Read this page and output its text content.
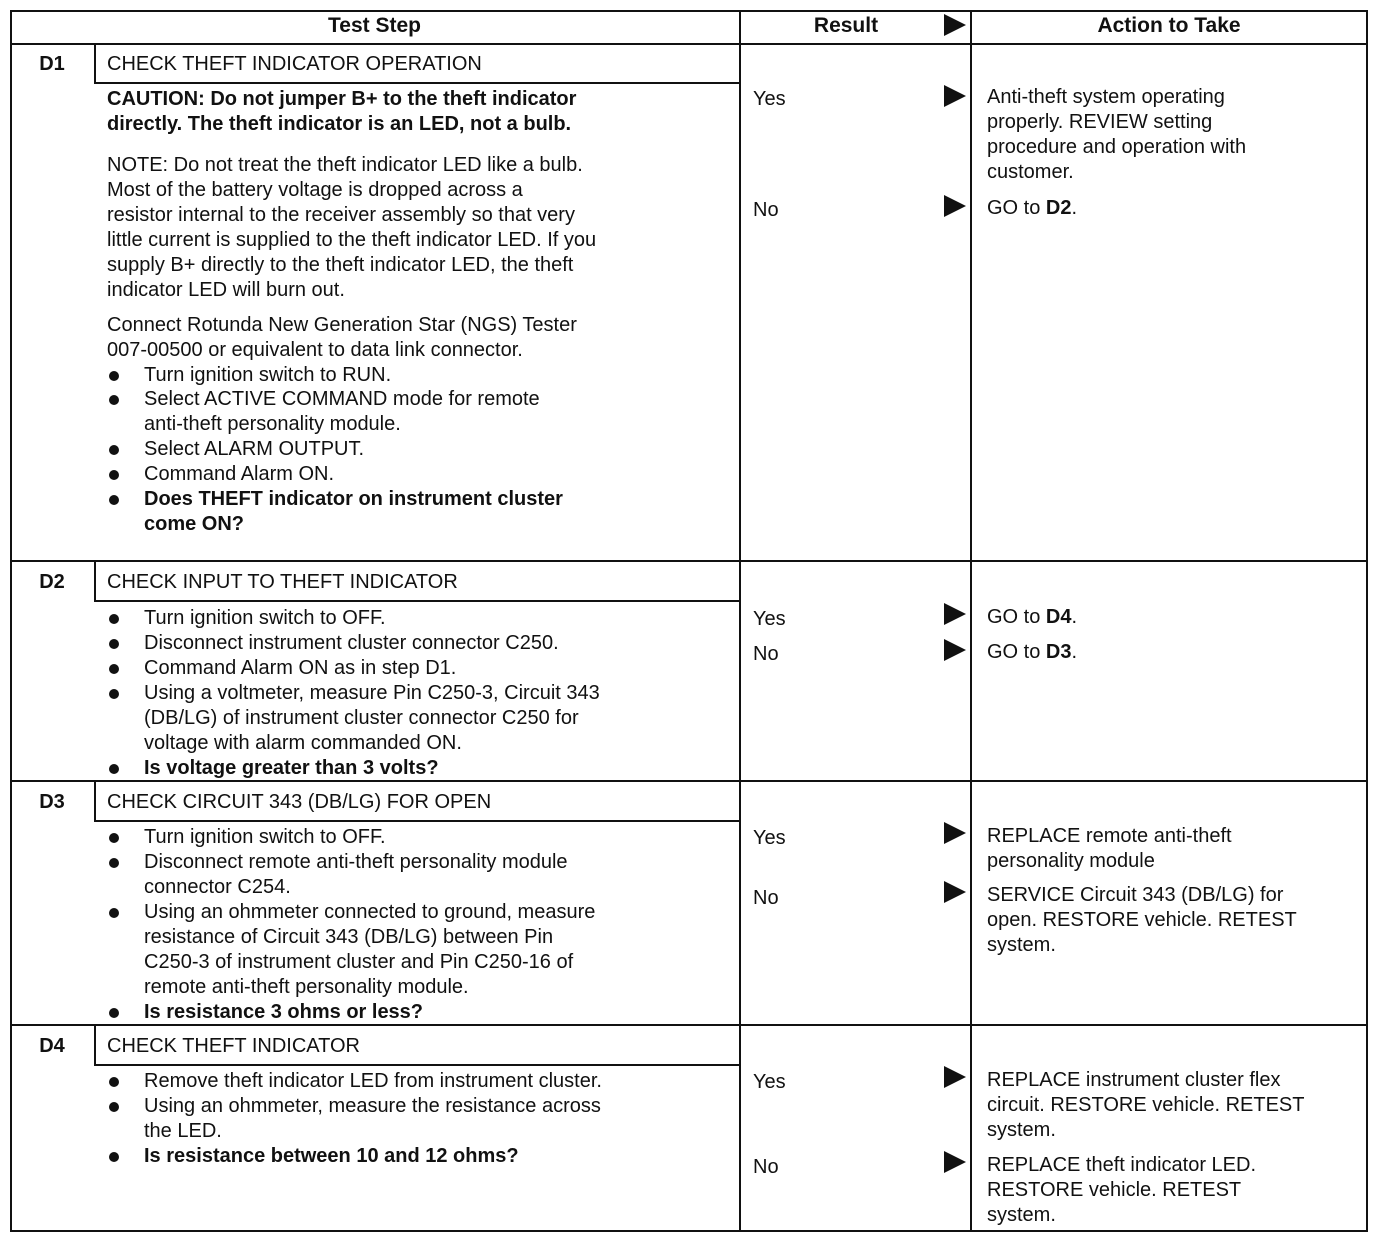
Test Step	Result	Action to Take
D1	CHECK THEFT INDICATOR OPERATION
CAUTION: Do not jumper B+ to the theft indicator
directly. The theft indicator is an LED, not a bulb.
NOTE: Do not treat the theft indicator LED like a bulb.
Most of the battery voltage is dropped across a
resistor internal to the receiver assembly so that very
little current is supplied to the theft indicator LED. If you
supply B+ directly to the theft indicator LED, the theft
indicator LED will burn out.
Connect Rotunda New Generation Star (NGS) Tester
007-00500 or equivalent to data link connector.
Turn ignition switch to RUN.
Select ACTIVE COMMAND mode for remote
anti-theft personality module.
Select ALARM OUTPUT.
Command Alarm ON.
Does THEFT indicator on instrument cluster
come ON?
Yes	Anti-theft system operating
properly. REVIEW setting
procedure and operation with
customer.
No	GO to D2.
D2	CHECK INPUT TO THEFT INDICATOR
Turn ignition switch to OFF.
Disconnect instrument cluster connector C250.
Command Alarm ON as in step D1.
Using a voltmeter, measure Pin C250-3, Circuit 343
(DB/LG) of instrument cluster connector C250 for
voltage with alarm commanded ON.
Is voltage greater than 3 volts?
Yes	GO to D4.
No	GO to D3.
D3	CHECK CIRCUIT 343 (DB/LG) FOR OPEN
Turn ignition switch to OFF.
Disconnect remote anti-theft personality module
connector C254.
Using an ohmmeter connected to ground, measure
resistance of Circuit 343 (DB/LG) between Pin
C250-3 of instrument cluster and Pin C250-16 of
remote anti-theft personality module.
Is resistance 3 ohms or less?
Yes	REPLACE remote anti-theft
personality module
No	SERVICE Circuit 343 (DB/LG) for
open. RESTORE vehicle. RETEST
system.
D4	CHECK THEFT INDICATOR
Remove theft indicator LED from instrument cluster.
Using an ohmmeter, measure the resistance across
the LED.
Is resistance between 10 and 12 ohms?
Yes	REPLACE instrument cluster flex
circuit. RESTORE vehicle. RETEST
system.
No	REPLACE theft indicator LED.
RESTORE vehicle. RETEST
system.
